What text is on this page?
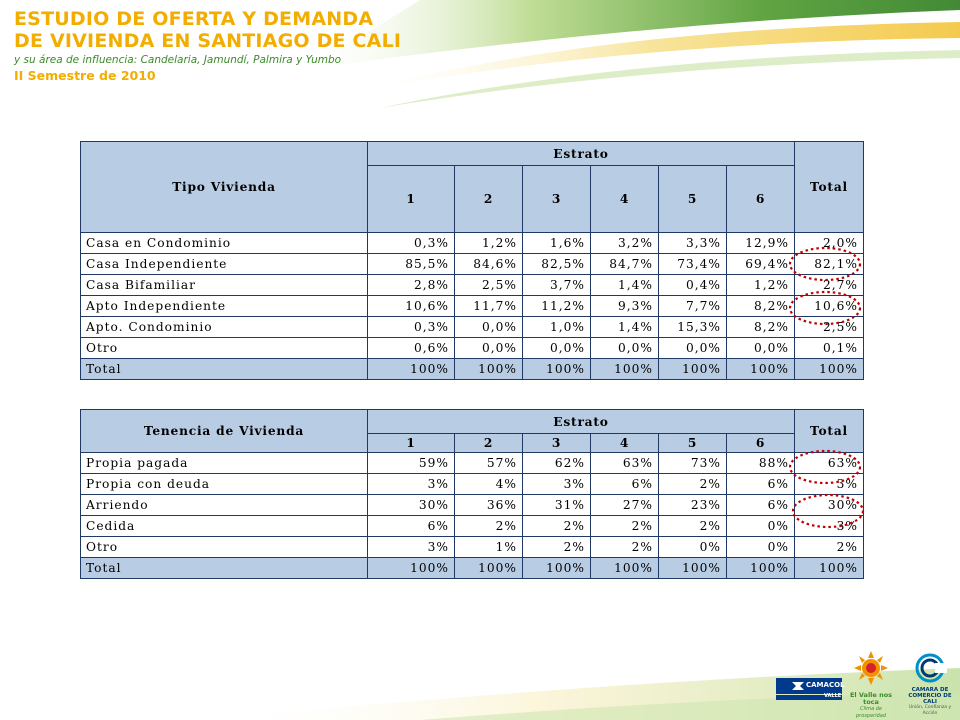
ESTUDIO DE OFERTA Y DEMANDA
DE VIVIENDA EN SANTIAGO DE CALI
y su área de influencia: Candelaria, Jamundí, Palmira y Yumbo
II Semestre de 2010
Tipo Vivienda	Estrato						Total
	1	2	3	4	5	6	
Casa en Condominio	0,3%	1,2%	1,6%	3,2%	3,3%	12,9%	2,0%
Casa Independiente	85,5%	84,6%	82,5%	84,7%	73,4%	69,4%	82,1%
Casa Bifamiliar	2,8%	2,5%	3,7%	1,4%	0,4%	1,2%	2,7%
Apto Independiente	10,6%	11,7%	11,2%	9,3%	7,7%	8,2%	10,6%
Apto. Condominio	0,3%	0,0%	1,0%	1,4%	15,3%	8,2%	2,5%
Otro	0,6%	0,0%	0,0%	0,0%	0,0%	0,0%	0,1%
Total	100%	100%	100%	100%	100%	100%	100%
Tenencia de Vivienda	Estrato						Total
	1	2	3	4	5	6	
Propia pagada	59%	57%	62%	63%	73%	88%	63%
Propia con deuda	3%	4%	3%	6%	2%	6%	3%
Arriendo	30%	36%	31%	27%	23%	6%	30%
Cedida	6%	2%	2%	2%	2%	0%	3%
Otro	3%	1%	2%	2%	0%	0%	2%
Total	100%	100%	100%	100%	100%	100%	100%
CAMACOL
VALLE	El Valle nos toca
Clima de prosperidad
CAMARA DE COMERCIO DE CALI
Unión, Confianza y Acción
